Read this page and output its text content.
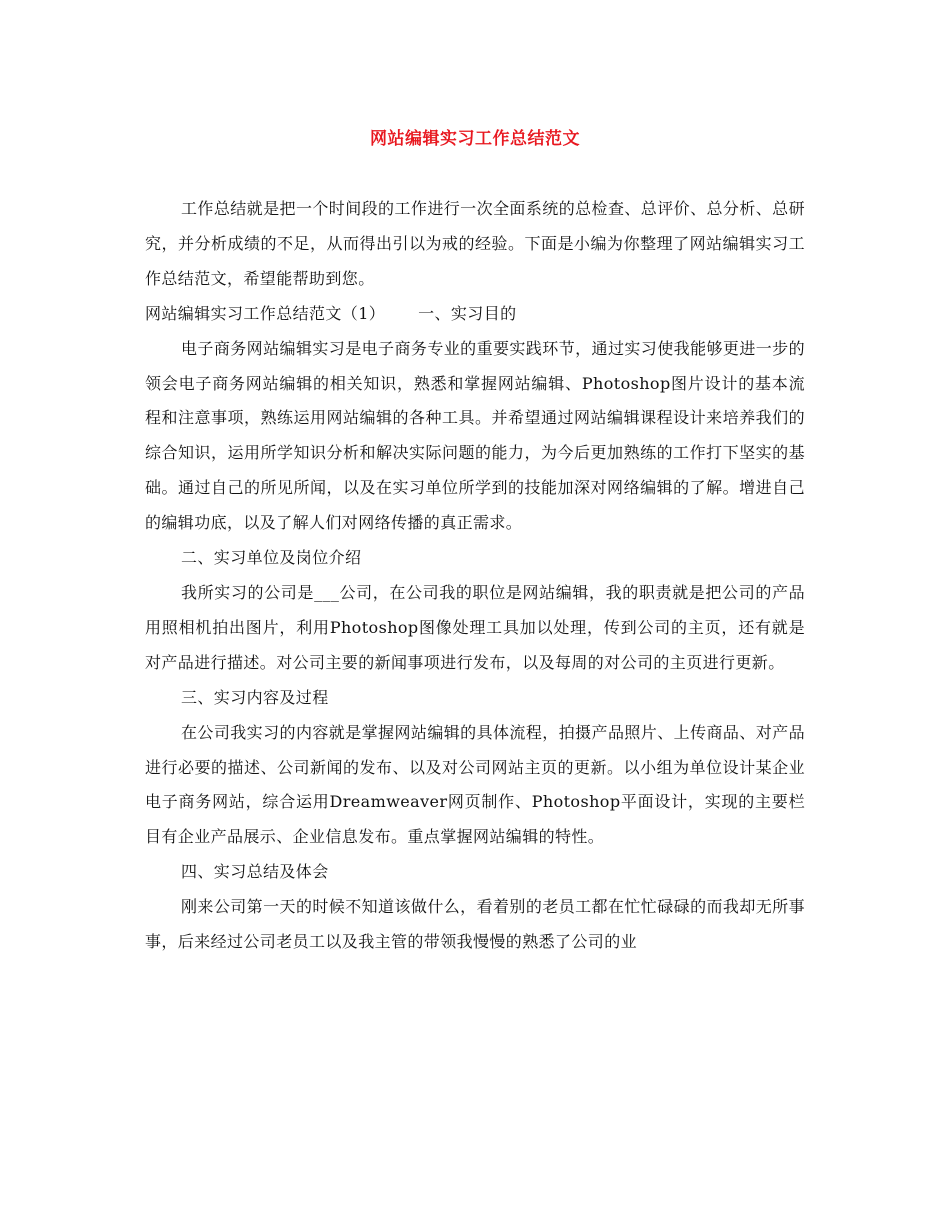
网站编辑实习工作总结范文

工作总结就是把一个时间段的工作进行一次全面系统的总检查、总评价、总分析、总研究，并分析成绩的不足，从而得出引以为戒的经验。下面是小编为你整理了网站编辑实习工作总结范文，希望能帮助到您。

网站编辑实习工作总结范文（1）      一、实习目的

电子商务网站编辑实习是电子商务专业的重要实践环节，通过实习使我能够更进一步的领会电子商务网站编辑的相关知识，熟悉和掌握网站编辑、Photoshop图片设计的基本流程和注意事项，熟练运用网站编辑的各种工具。并希望通过网站编辑课程设计来培养我们的综合知识，运用所学知识分析和解决实际问题的能力，为今后更加熟练的工作打下坚实的基础。通过自己的所见所闻，以及在实习单位所学到的技能加深对网络编辑的了解。增进自己的编辑功底，以及了解人们对网络传播的真正需求。

二、实习单位及岗位介绍

我所实习的公司是___公司，在公司我的职位是网站编辑，我的职责就是把公司的产品用照相机拍出图片，利用Photoshop图像处理工具加以处理，传到公司的主页，还有就是对产品进行描述。对公司主要的新闻事项进行发布，以及每周的对公司的主页进行更新。

三、实习内容及过程

在公司我实习的内容就是掌握网站编辑的具体流程，拍摄产品照片、上传商品、对产品进行必要的描述、公司新闻的发布、以及对公司网站主页的更新。以小组为单位设计某企业电子商务网站，综合运用Dreamweaver网页制作、Photoshop平面设计，实现的主要栏目有企业产品展示、企业信息发布。重点掌握网站编辑的特性。

四、实习总结及体会

刚来公司第一天的时候不知道该做什么，看着别的老员工都在忙忙碌碌的而我却无所事事，后来经过公司老员工以及我主管的带领我慢慢的熟悉了公司的业
